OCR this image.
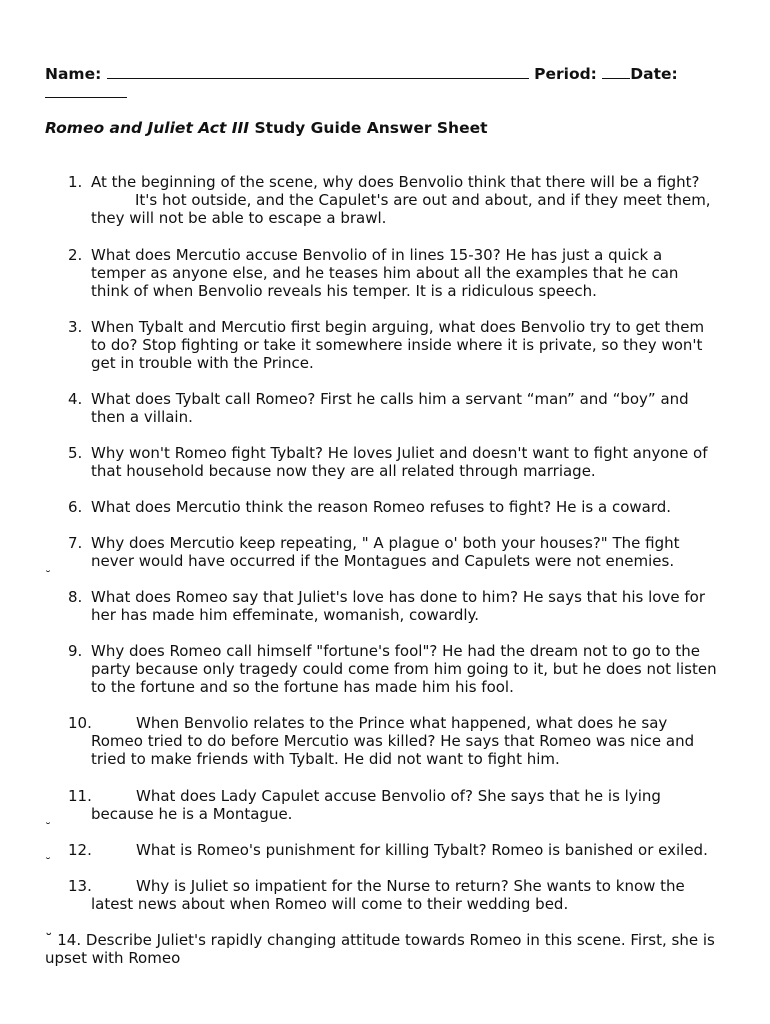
Name:	Period: Date:

Romeo and Juliet Act III Study Guide Answer Sheet
1. At the beginning of the scene, why does Benvolio think that there will be a fight?
It's hot outside, and the Capulet's are out and about, and if they meet them,
they will not be able to escape a brawl.
2. What does Mercutio accuse Benvolio of in lines 15-30? He has just a quick a
temper as anyone else, and he teases him about all the examples that he can
think of when Benvolio reveals his temper. It is a ridiculous speech.
3. When Tybalt and Mercutio first begin arguing, what does Benvolio try to get them
to do? Stop fighting or take it somewhere inside where it is private, so they won't
get in trouble with the Prince.
4. What does Tybalt call Romeo? First he calls him a servant “man” and “boy” and
then a villain.
5. Why won't Romeo fight Tybalt? He loves Juliet and doesn't want to fight anyone of
that household because now they are all related through marriage.
6. What does Mercutio think the reason Romeo refuses to fight? He is a coward.
7. Why does Mercutio keep repeating, " A plague o' both your houses?" The fight
never would have occurred if the Montagues and Capulets were not enemies.
˘
8. What does Romeo say that Juliet's love has done to him? He says that his love for
her has made him effeminate, womanish, cowardly.
9. Why does Romeo call himself "fortune's fool"? He had the dream not to go to the
party because only tragedy could come from him going to it, but he does not listen
to the fortune and so the fortune has made him his fool.
10.	When Benvolio relates to the Prince what happened, what does he say
Romeo tried to do before Mercutio was killed? He says that Romeo was nice and
tried to make friends with Tybalt. He did not want to fight him.
11.	What does Lady Capulet accuse Benvolio of? She says that he is lying
because he is a Montague.
˘
12.	What is Romeo's punishment for killing Tybalt? Romeo is banished or exiled.
˘
13.	Why is Juliet so impatient for the Nurse to return? She wants to know the
latest news about when Romeo will come to their wedding bed.
˘ 14. Describe Juliet's rapidly changing attitude towards Romeo in this scene. First, she is
upset with Romeo
